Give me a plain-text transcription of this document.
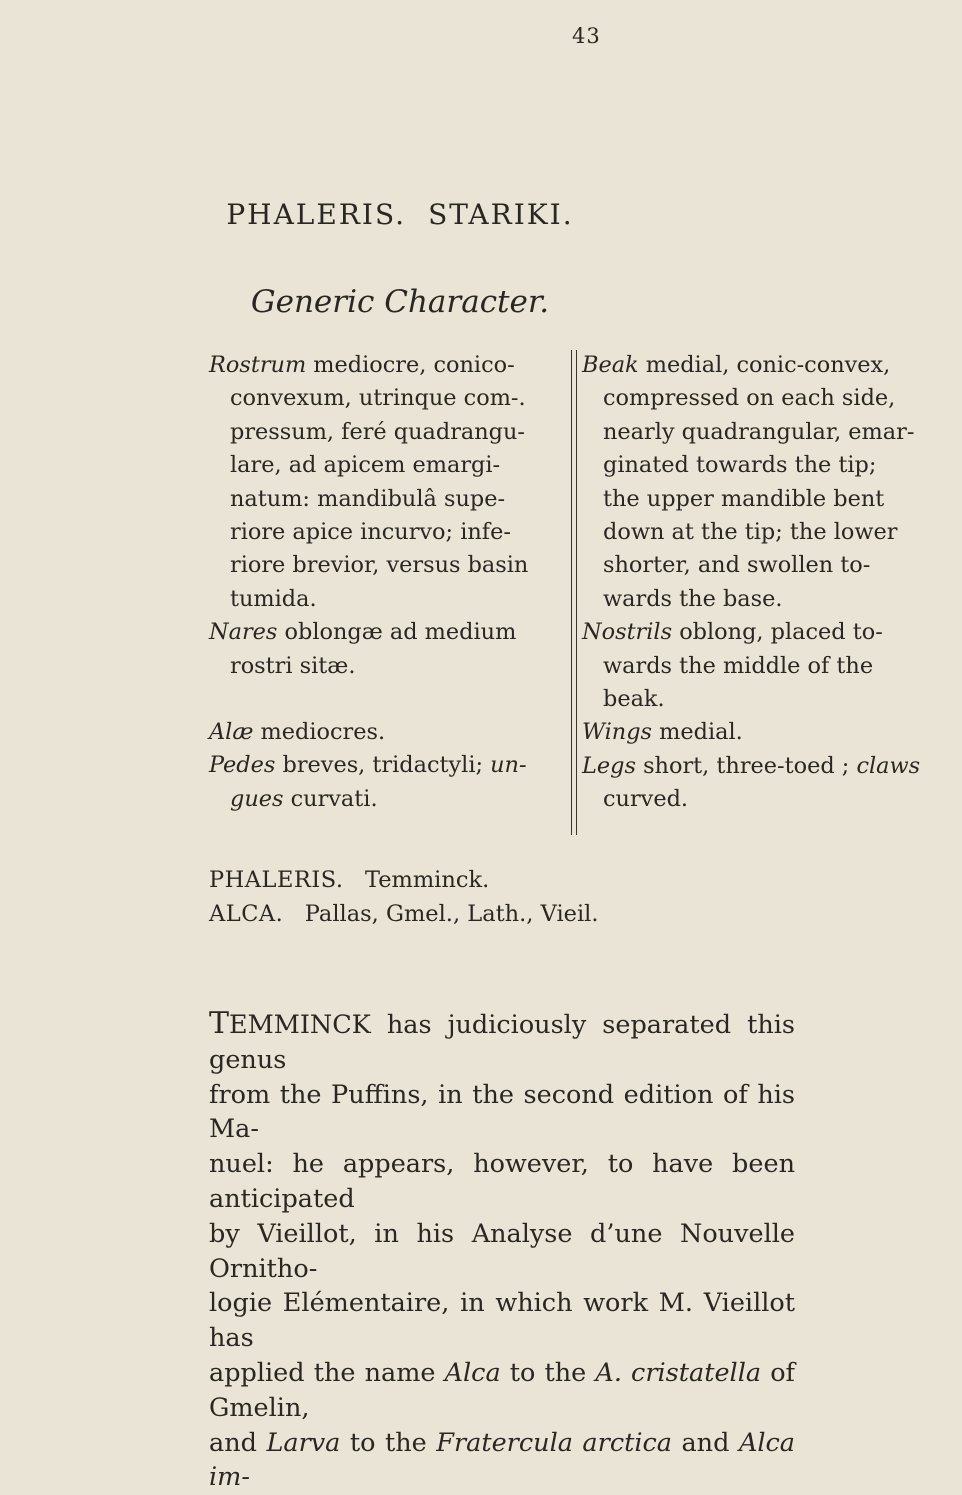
43
PHALERIS. STARIKI.
Generic Character.
Rostrum mediocre, conico-
convexum, utrinque com-.
pressum, feré quadrangu-
lare, ad apicem emargi-
natum: mandibulâ supe-
riore apice incurvo; infe-
riore brevior, versus basin
tumida.
Nares oblongæ ad medium
rostri sitæ.
Alæ mediocres.
Pedes breves, tridactyli; un-
gues curvati.
Beak medial, conic-convex,
compressed on each side,
nearly quadrangular, emar-
ginated towards the tip;
the upper mandible bent
down at the tip; the lower
shorter, and swollen to-
wards the base.
Nostrils oblong, placed to-
wards the middle of the
beak.
Wings medial.
Legs short, three-toed ; claws
curved.
PHALERIS. Temminck.
ALCA. Pallas, Gmel., Lath., Vieil.
TEMMINCK has judiciously separated this genus
from the Puffins, in the second edition of his Ma-
nuel: he appears, however, to have been anticipated
by Vieillot, in his Analyse d’une Nouvelle Ornitho-
logie Elémentaire, in which work M. Vieillot has
applied the name Alca to the A. cristatella of Gmelin,
and Larva to the Fratercula arctica and Alca im-
